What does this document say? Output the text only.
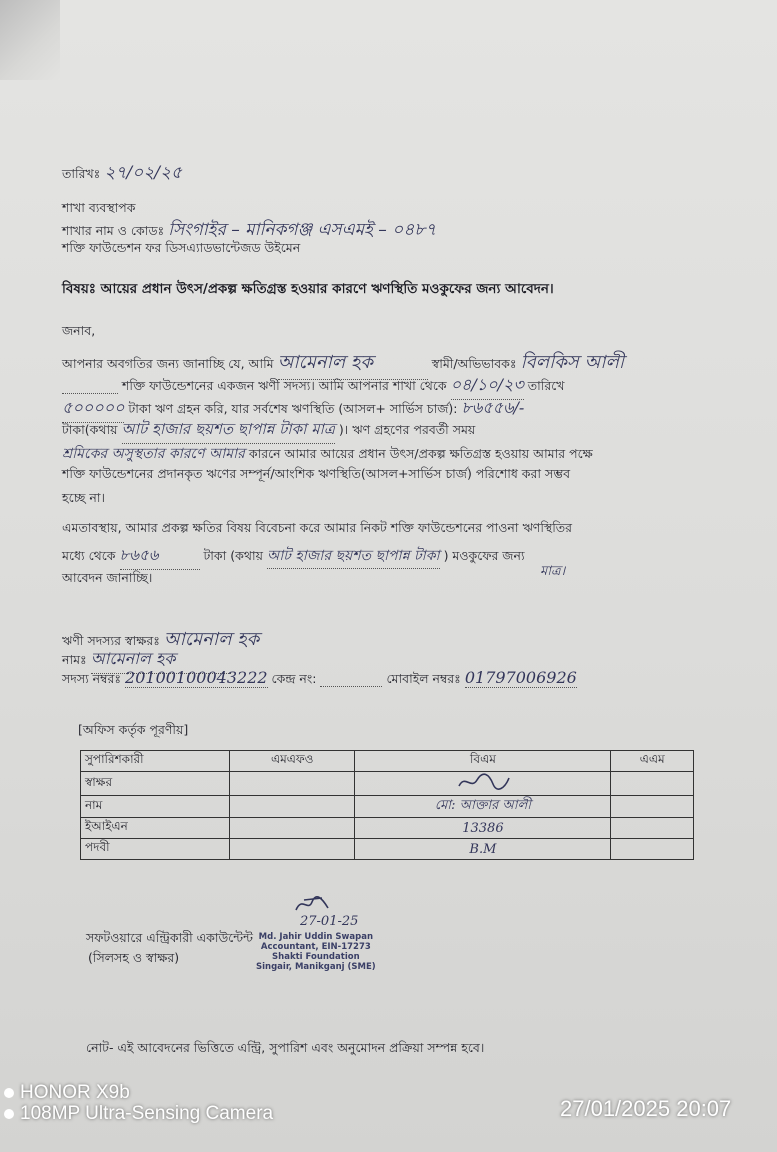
তারিখঃ ২৭/০২/২৫
শাখা ব্যবস্থাপক
শাখার নাম ও কোডঃ সিংগাইর – মানিকগঞ্জ এসএমই – ০৪৮৭
শক্তি ফাউন্ডেশন ফর ডিসএ্যাডভান্টেজড উইমেন
বিষয়ঃ আয়ের প্রধান উৎস/প্রকল্প ক্ষতিগ্রস্ত হওয়ার কারণে ঋণস্থিতি মওকুফের জন্য আবেদন।
জনাব,
আপনার অবগতির জন্য জানাচ্ছি যে, আমি আমেনাল হক	স্বামী/অভিভাবকঃ বিলকিস আলী
শক্তি ফাউন্ডেশনের একজন ঋণী সদস্য। আমি আপনার শাখা থেকে ০৪/১০/২৩ তারিখে
৫০০০০০ টাকা ঋণ গ্রহন করি, যার সর্বশেষ ঋণস্থিতি (আসল+ সার্ভিস চার্জ): ৮৬৫৫৬/-
টাকা(কথায় আট হাজার ছয়শত ছাপান্ন টাকা মাত্র )। ঋণ গ্রহণের পরবর্তী সময়
শ্রমিকের অসুস্থতার কারণে আমার কারনে আমার আয়ের প্রধান উৎস/প্রকল্প ক্ষতিগ্রস্ত হওয়ায় আমার পক্ষে
শক্তি ফাউন্ডেশনের প্রদানকৃত ঋণের সম্পূর্ন/আংশিক ঋণস্থিতি(আসল+সার্ভিস চার্জ) পরিশোধ করা সম্ভব
হচ্ছে না।
এমতাবস্থায়, আমার প্রকল্প ক্ষতির বিষয় বিবেচনা করে আমার নিকট শক্তি ফাউন্ডেশনের পাওনা ঋণস্থিতির
মধ্যে থেকে ৮৬৫৬	টাকা (কথায় আট হাজার ছয়শত ছাপান্ন টাকা ) মওকুফের জন্য
মাত্র।
আবেদন জানাচ্ছি।
ঋণী সদস্যর স্বাক্ষরঃ আমেনাল হক
নামঃ আমেনাল হক
সদস্য নম্বরঃ 20100100043222 কেন্দ্র নং:	মোবাইল নম্বরঃ 01797006926
[অফিস কর্তৃক পূরণীয়]
সুপারিশকারী	এমএফও	বিএম	এএম
স্বাক্ষর			
নাম		মো: আক্তার আলী	
ইআইএন		13386	
পদবী		B.M	
সফটওয়ারে এন্ট্রিকারী একাউন্টেন্ট
(সিলসহ ও স্বাক্ষর)
27-01-25
Md. Jahir Uddin Swapan
Accountant, EIN-17273
Shakti Foundation
Singair, Manikganj (SME)
নোট- এই আবেদনের ভিত্তিতে এন্ট্রি, সুপারিশ এবং অনুমোদন প্রক্রিয়া সম্পন্ন হবে।
HONOR X9b
108MP Ultra-Sensing Camera	27/01/2025 20:07
